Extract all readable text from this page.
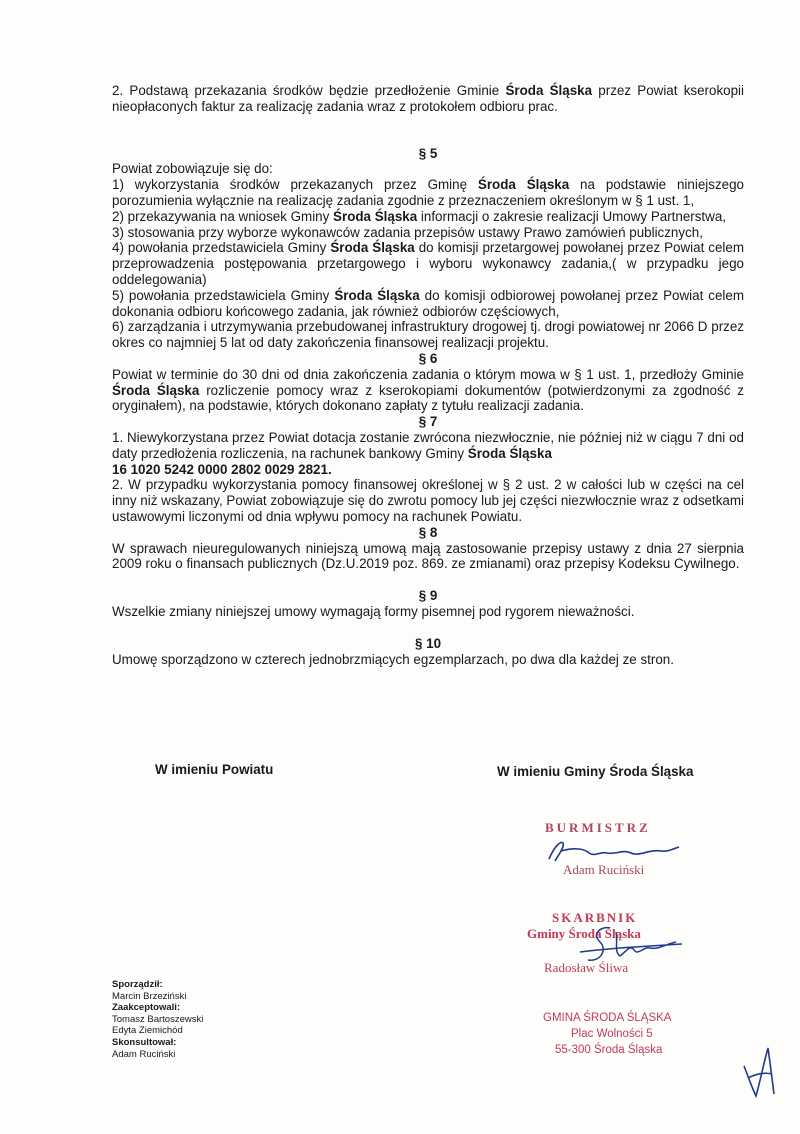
2. Podstawą przekazania środków będzie przedłożenie Gminie Środa Śląska przez Powiat kserokopii nieopłaconych faktur za realizację zadania wraz z protokołem odbioru prac.

§ 5

Powiat zobowiązuje się do:

1) wykorzystania środków przekazanych przez Gminę Środa Śląska na podstawie niniejszego porozumienia wyłącznie na realizację zadania zgodnie z przeznaczeniem określonym w § 1 ust. 1,

2) przekazywania na wniosek Gminy Środa Śląska informacji o zakresie realizacji Umowy Partnerstwa,

3) stosowania przy wyborze wykonawców zadania przepisów ustawy Prawo zamówień publicznych,

4) powołania przedstawiciela Gminy Środa Śląska do komisji przetargowej powołanej przez Powiat celem przeprowadzenia postępowania przetargowego i wyboru wykonawcy zadania,( w przypadku jego oddelegowania)

5) powołania przedstawiciela Gminy Środa Śląska do komisji odbiorowej powołanej przez Powiat celem dokonania odbioru końcowego zadania, jak również odbiorów częściowych,

6) zarządzania i utrzymywania przebudowanej infrastruktury drogowej tj. drogi powiatowej nr 2066 D przez okres co najmniej 5 lat od daty zakończenia finansowej realizacji projektu.

§ 6

Powiat w terminie do 30 dni od dnia zakończenia zadania o którym mowa w § 1 ust. 1, przedłoży Gminie Środa Śląska rozliczenie pomocy wraz z kserokopiami dokumentów (potwierdzonymi za zgodność z oryginałem), na podstawie, których dokonano zapłaty z tytułu realizacji zadania.

§ 7

1. Niewykorzystana przez Powiat dotacja zostanie zwrócona niezwłocznie, nie później niż w ciągu 7 dni od daty przedłożenia rozliczenia, na rachunek bankowy Gminy Środa Śląska

16 1020 5242 0000 2802 0029 2821.

2. W przypadku wykorzystania pomocy finansowej określonej w § 2 ust. 2 w całości lub w części na cel inny niż wskazany, Powiat zobowiązuje się do zwrotu pomocy lub jej części niezwłocznie wraz z odsetkami ustawowymi liczonymi od dnia wpływu pomocy na rachunek Powiatu.

§ 8

W sprawach nieuregulowanych niniejszą umową mają zastosowanie przepisy ustawy z dnia 27 sierpnia 2009 roku o finansach publicznych (Dz.U.2019 poz. 869. ze zmianami) oraz przepisy Kodeksu Cywilnego.

§ 9

Wszelkie zmiany niniejszej umowy wymagają formy pisemnej pod rygorem nieważności.

§ 10

Umowę sporządzono w czterech jednobrzmiących egzemplarzach, po dwa dla każdej ze stron.

W imieniu Powiatu	W imieniu Gminy Środa Śląska
BURMISTRZ
Adam Ruciński
SKARBNIK
Gminy Środa Śląska
Radosław Śliwa
GMINA ŚRODA ŚLĄSKA
Plac Wolności 5
55-300 Środa Śląska
Sporządził:
Marcin Brzeziński
Zaakceptowali:
Tomasz Bartoszewski
Edyta Ziemichód
Skonsultował:
Adam Ruciński
